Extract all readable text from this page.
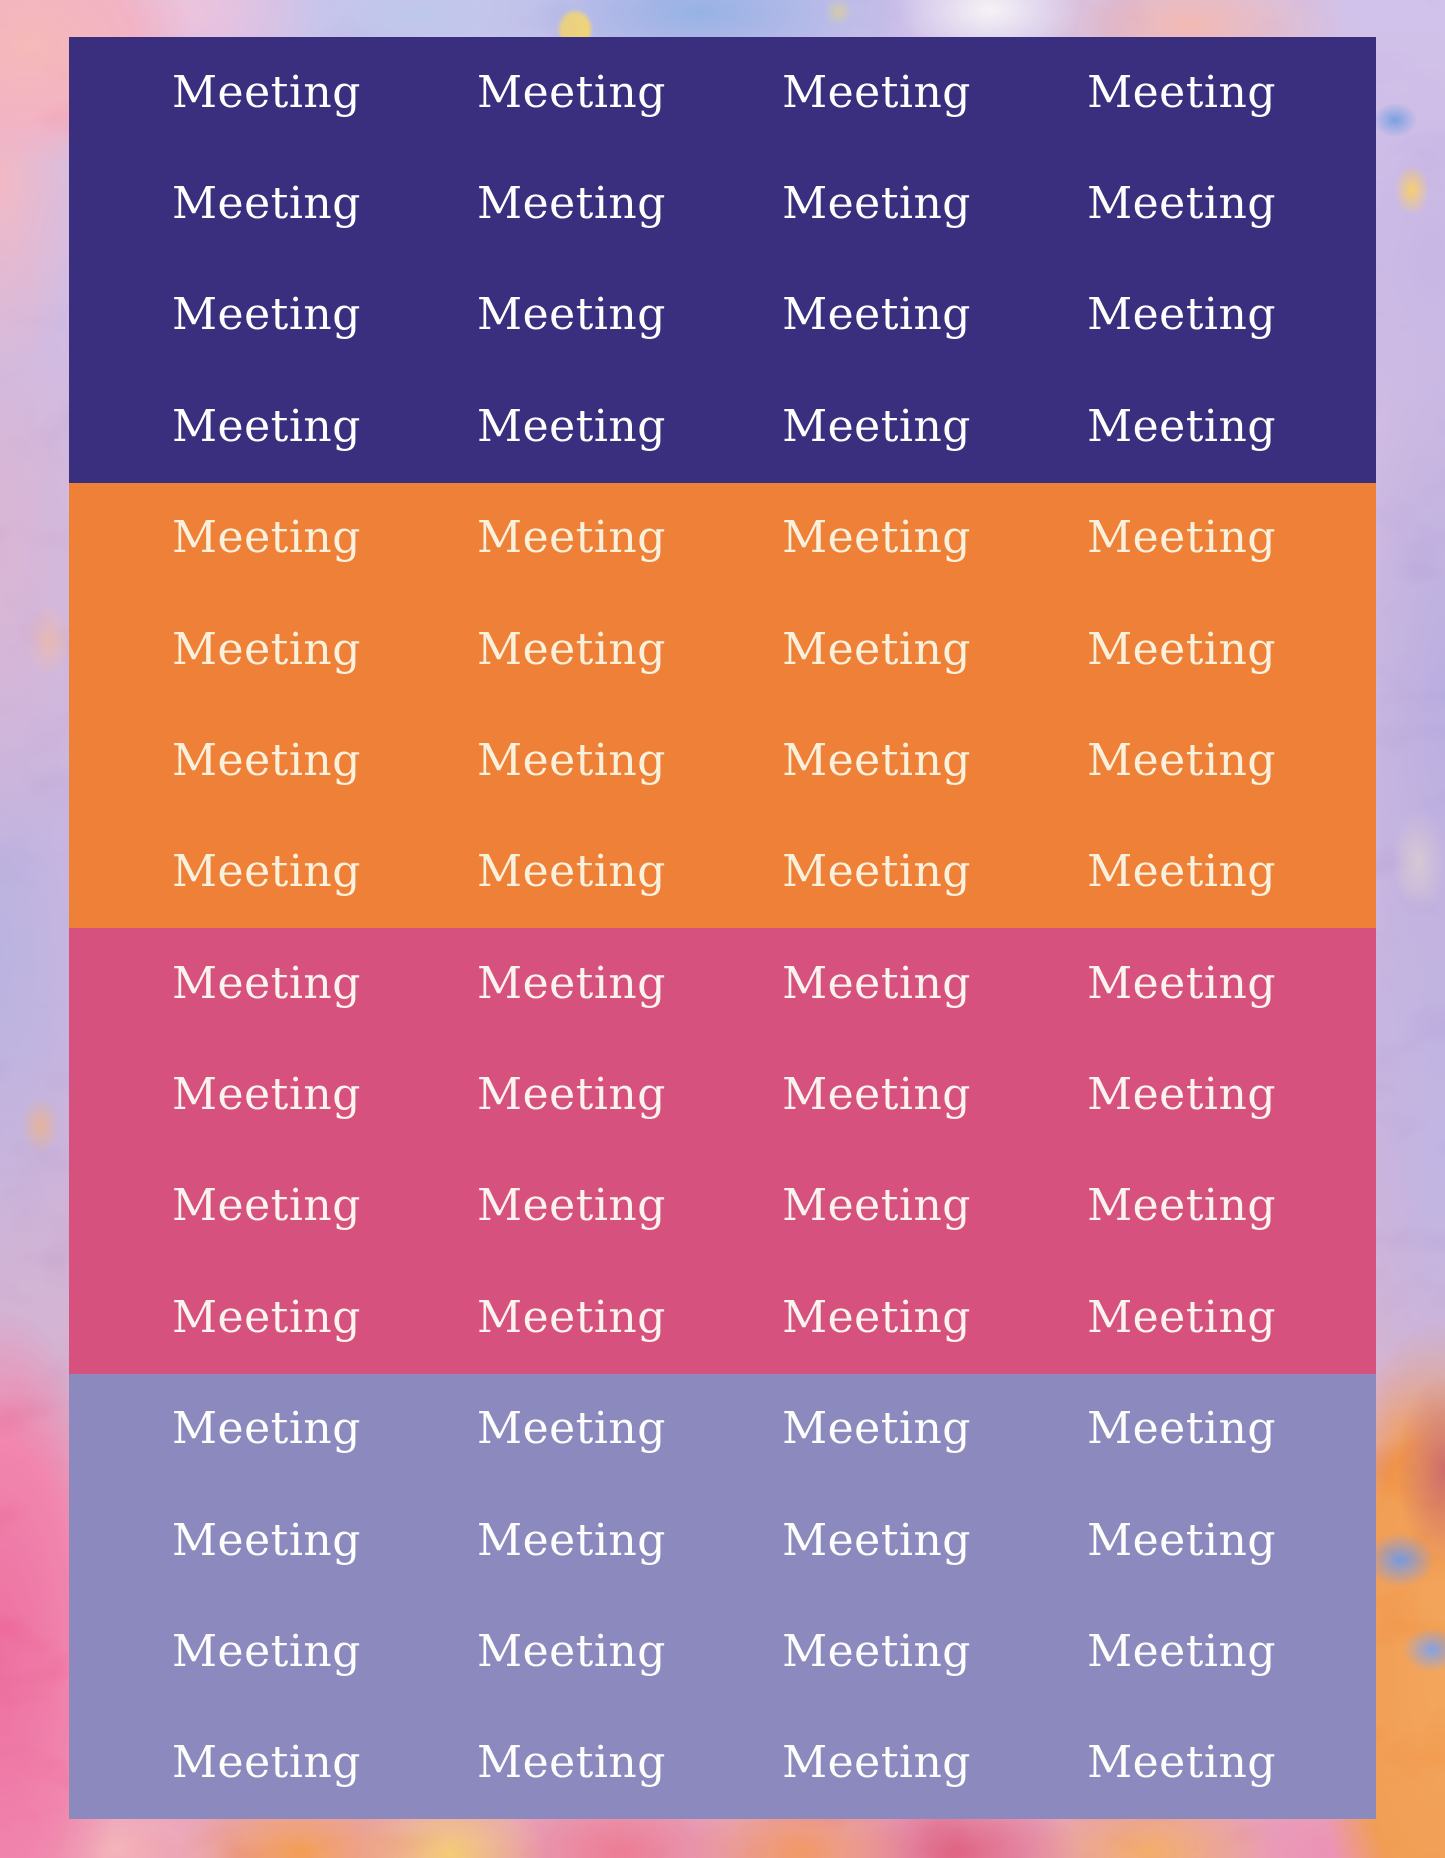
Meeting	Meeting	Meeting	Meeting
Meeting	Meeting	Meeting	Meeting
Meeting	Meeting	Meeting	Meeting
Meeting	Meeting	Meeting	Meeting
Meeting	Meeting	Meeting	Meeting
Meeting	Meeting	Meeting	Meeting
Meeting	Meeting	Meeting	Meeting
Meeting	Meeting	Meeting	Meeting
Meeting	Meeting	Meeting	Meeting
Meeting	Meeting	Meeting	Meeting
Meeting	Meeting	Meeting	Meeting
Meeting	Meeting	Meeting	Meeting
Meeting	Meeting	Meeting	Meeting
Meeting	Meeting	Meeting	Meeting
Meeting	Meeting	Meeting	Meeting
Meeting	Meeting	Meeting	Meeting
